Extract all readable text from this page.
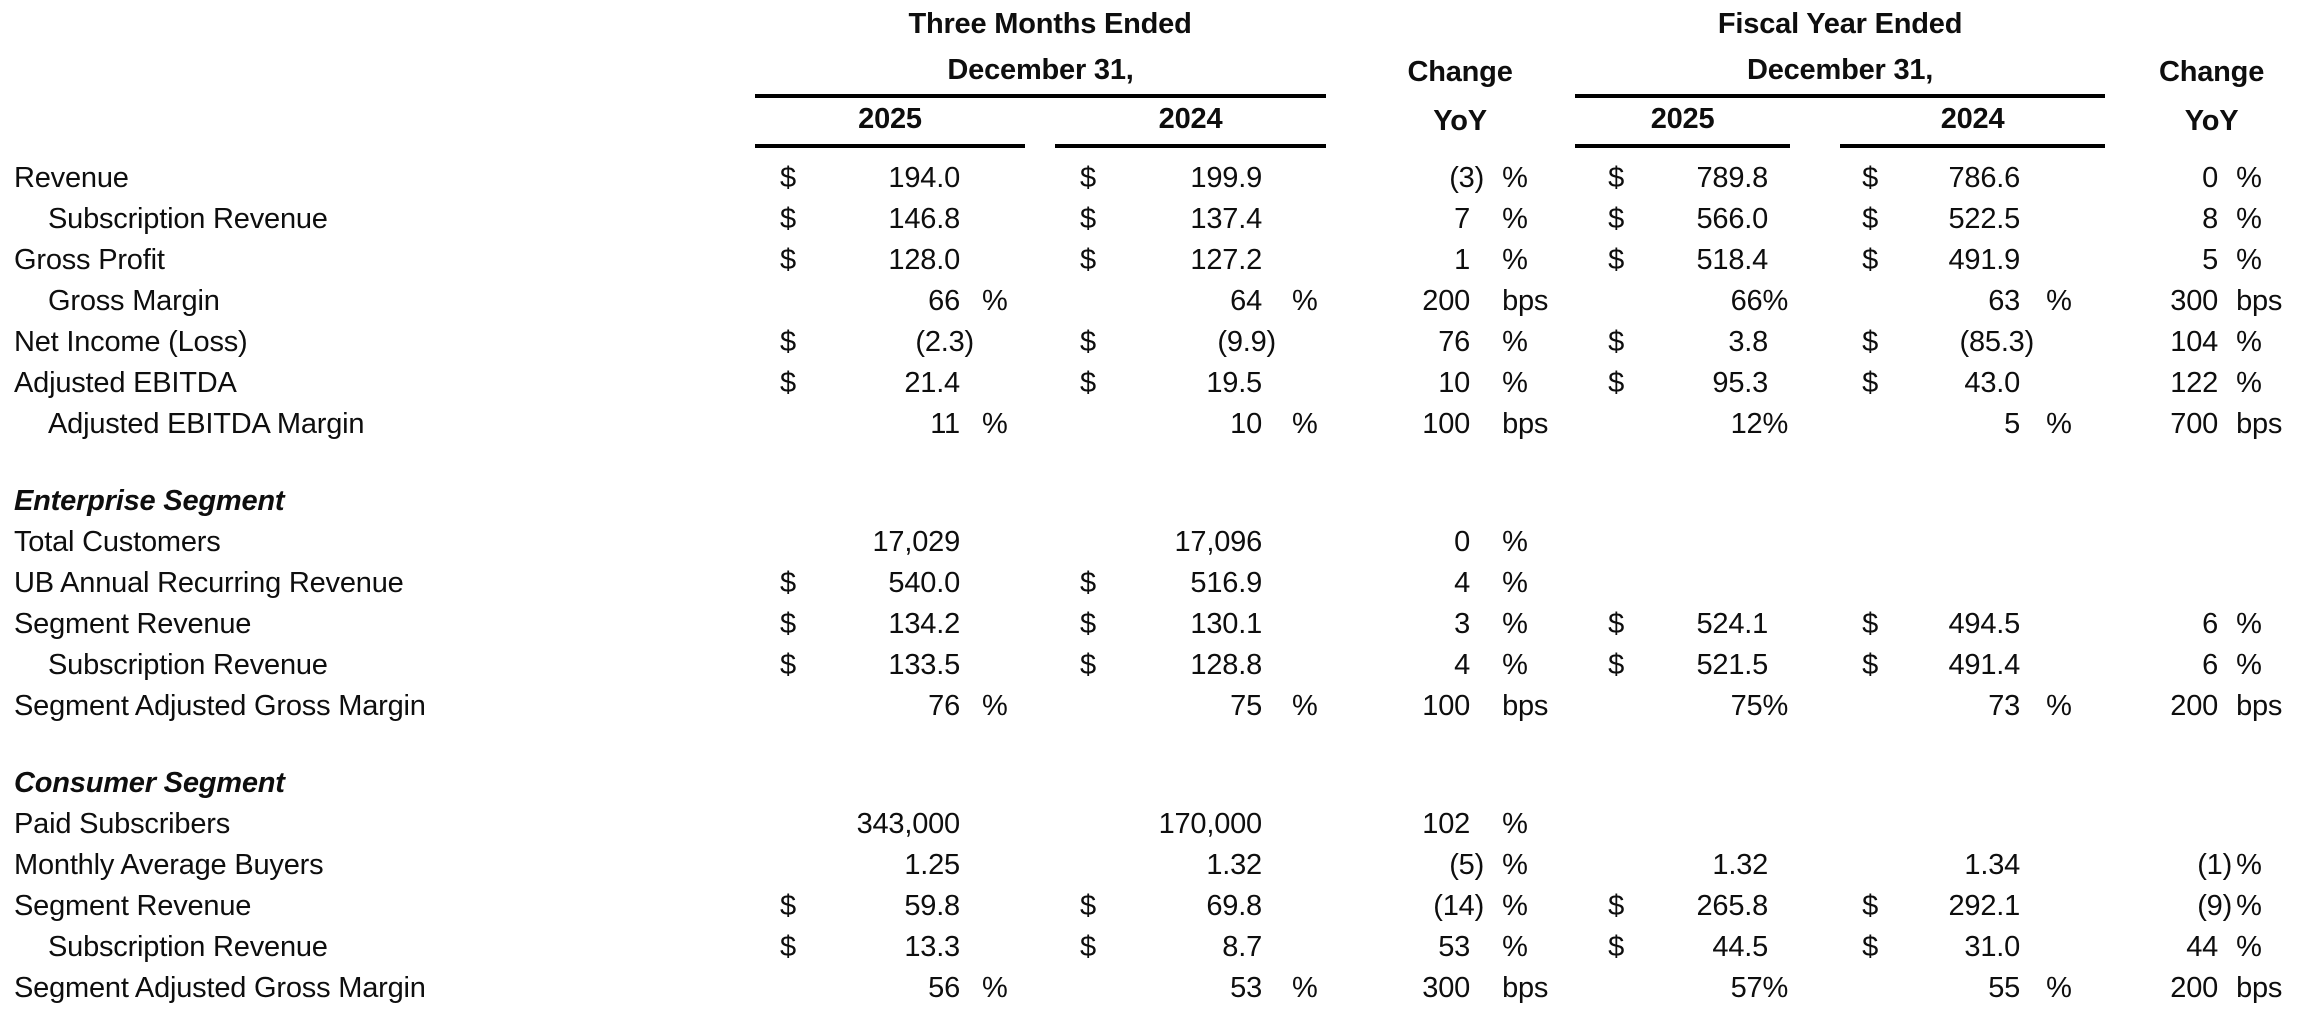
	Three Months Ended								Fiscal Year Ended							

December 31,						Change		December 31,						Change	

2025			2024			YoY		2025			2024			YoY	

Revenue	$	194.0		$	199.9		(3)	%	$	789.8		$	786.6		0	%
Subscription Revenue	$	146.8		$	137.4		7	%	$	566.0		$	522.5		8	%
Gross Profit	$	128.0		$	127.2		1	%	$	518.4		$	491.9		5	%
Gross Margin		66	%		64	%	200	bps		66%			63	%	300	bps
Net Income (Loss)	$	(2.3)		$	(9.9)		76	%	$	3.8		$	(85.3)		104	%
Adjusted EBITDA	$	21.4		$	19.5		10	%	$	95.3		$	43.0		122	%
Adjusted EBITDA Margin		11	%		10	%	100	bps		12%			5	%	700	bps

Enterprise Segment																
Total Customers		17,029			17,096		0	%								
UB Annual Recurring Revenue	$	540.0		$	516.9		4	%								
Segment Revenue	$	134.2		$	130.1		3	%	$	524.1		$	494.5		6	%
Subscription Revenue	$	133.5		$	128.8		4	%	$	521.5		$	491.4		6	%
Segment Adjusted Gross Margin		76	%		75	%	100	bps		75%			73	%	200	bps

Consumer Segment																
Paid Subscribers		343,000			170,000		102	%								
Monthly Average Buyers		1.25			1.32		(5)	%		1.32			1.34		(1)	%
Segment Revenue	$	59.8		$	69.8		(14)	%	$	265.8		$	292.1		(9)	%
Subscription Revenue	$	13.3		$	8.7		53	%	$	44.5		$	31.0		44	%
Segment Adjusted Gross Margin		56	%		53	%	300	bps		57%			55	%	200	bps
